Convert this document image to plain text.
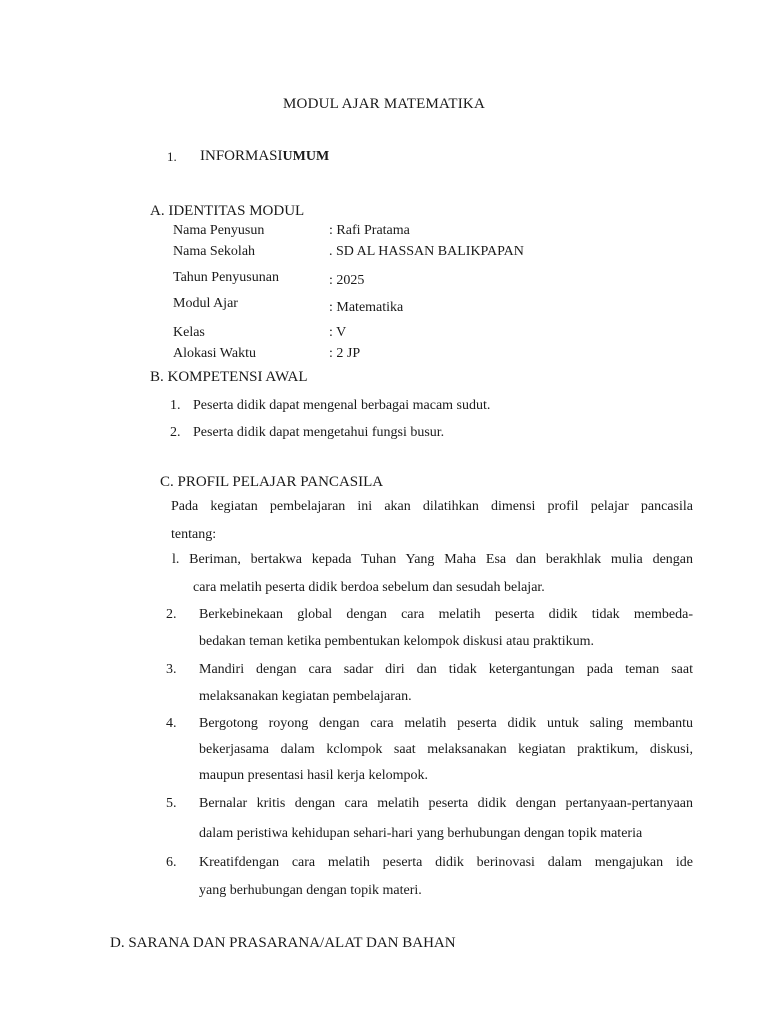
MODUL AJAR MATEMATIKA
1. INFORMASIUMUM
A. IDENTITAS MODUL
Nama Penyusun	: Rafi Pratama
Nama Sekolah	. SD AL HASSAN BALIKPAPAN
Tahun Penyusunan	: 2025
Modul Ajar	: Matematika
Kelas	: V
Alokasi Waktu	: 2 JP
B. KOMPETENSI AWAL
1. Peserta didik dapat mengenal berbagai macam sudut.
2. Peserta didik dapat mengetahui fungsi busur.
C. PROFIL PELAJAR PANCASILA
Pada kegiatan pembelajaran ini akan dilatihkan dimensi profil pelajar pancasila
tentang:
l. Beriman, bertakwa kepada Tuhan Yang Maha Esa dan berakhlak mulia dengan
cara melatih peserta didik berdoa sebelum dan sesudah belajar.
2. Berkebinekaan global dengan cara melatih peserta didik tidak membeda-
bedakan teman ketika pembentukan kelompok diskusi atau praktikum.
3. Mandiri dengan cara sadar diri dan tidak ketergantungan pada teman saat
melaksanakan kegiatan pembelajaran.
4. Bergotong royong dengan cara melatih peserta didik untuk saling membantu
bekerjasama dalam kclompok saat melaksanakan kegiatan praktikum, diskusi,
maupun presentasi hasil kerja kelompok.
5. Bernalar kritis dengan cara melatih peserta didik dengan pertanyaan-pertanyaan
dalam peristiwa kehidupan sehari-hari yang berhubungan dengan topik materia
6. Kreatifdengan cara melatih peserta didik berinovasi dalam mengajukan ide
yang berhubungan dengan topik materi.
D. SARANA DAN PRASARANA/ALAT DAN BAHAN
